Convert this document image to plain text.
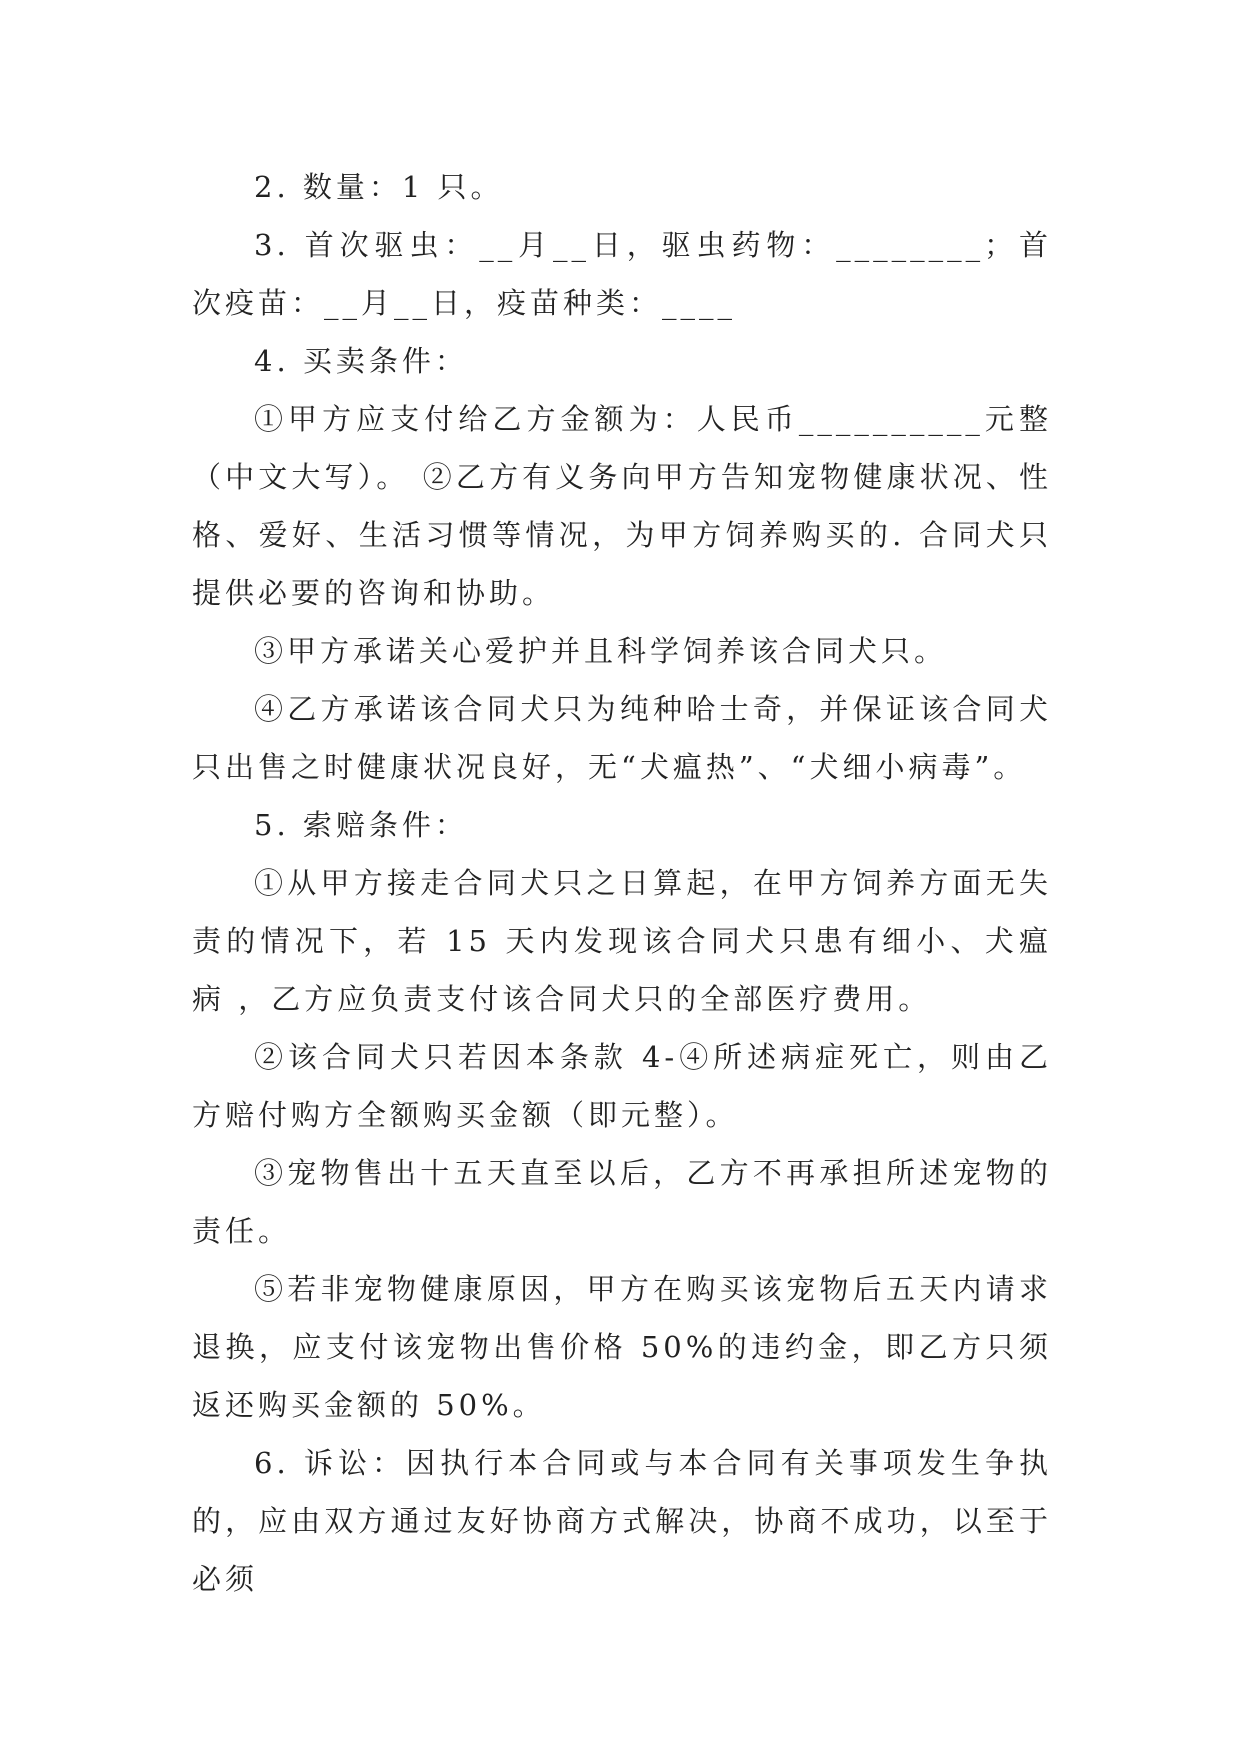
2. 数量：1 只。

3. 首次驱虫：__月__日，驱虫药物：________；首次疫苗：__月__日，疫苗种类：____

4. 买卖条件：

①甲方应支付给乙方金额为：人民币__________元整（中文大写）。 ②乙方有义务向甲方告知宠物健康状况、性格、爱好、生活习惯等情况，为甲方饲养购买的. 合同犬只提供必要的咨询和协助。

③甲方承诺关心爱护并且科学饲养该合同犬只。

④乙方承诺该合同犬只为纯种哈士奇，并保证该合同犬只出售之时健康状况良好，无“犬瘟热”、“犬细小病毒”。

5. 索赔条件：

①从甲方接走合同犬只之日算起，在甲方饲养方面无失责的情况下，若 15 天内发现该合同犬只患有细小、犬瘟病 ，乙方应负责支付该合同犬只的全部医疗费用。

②该合同犬只若因本条款 4-④所述病症死亡，则由乙方赔付购方全额购买金额（即元整）。

③宠物售出十五天直至以后，乙方不再承担所述宠物的责任。

⑤若非宠物健康原因，甲方在购买该宠物后五天内请求退换，应支付该宠物出售价格 50%的违约金，即乙方只须返还购买金额的 50%。

6. 诉讼：因执行本合同或与本合同有关事项发生争执的，应由双方通过友好协商方式解决，协商不成功，以至于必须
